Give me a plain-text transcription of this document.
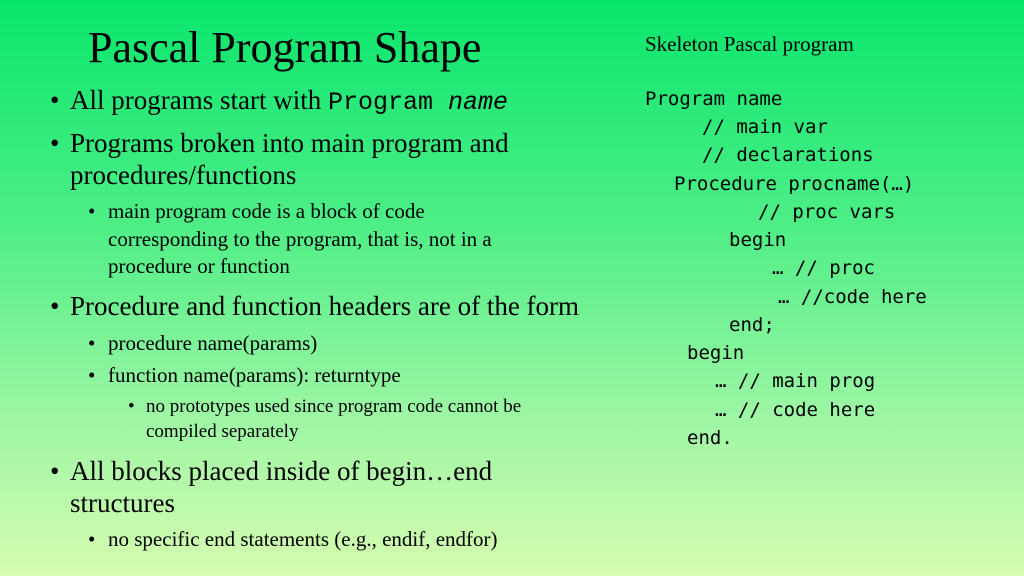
Pascal Program Shape	Skeleton Pascal program
• All programs start with Program name
• Programs broken into main program and
procedures/functions
• main program code is a block of code
corresponding to the program, that is, not in a
procedure or function
• Procedure and function headers are of the form
• procedure name(params)
• function name(params): returntype
• no prototypes used since program code cannot be
compiled separately
• All blocks placed inside of begin…end
structures
• no specific end statements (e.g., endif, endfor)
Program name
// main var
// declarations
Procedure procname(…)
// proc vars
begin
… // proc
… //code here
end;
begin
… // main prog
… // code here
end.
